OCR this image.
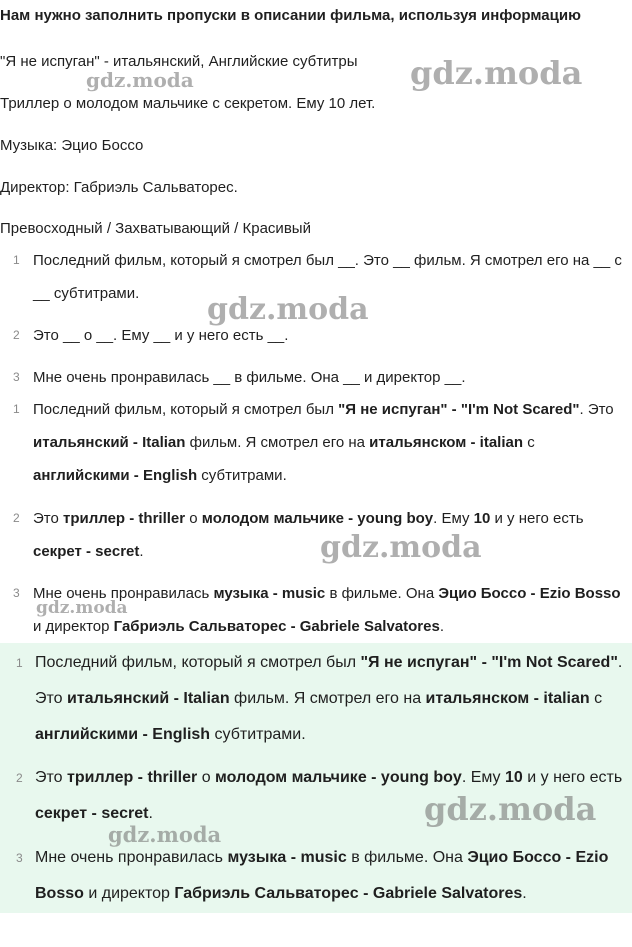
Нам нужно заполнить пропуски в описании фильма, используя информацию
"Я не испуган" - итальянский, Английские субтитры
Триллер о молодом мальчике с секретом. Ему 10 лет.
Музыка: Эцио Боссо
Директор: Габриэль Сальватореc.
Превосходный / Захватывающий / Красивый
1 Последний фильм, который я смотрел был __. Это __ фильм. Я смотрел его на __ с __ субтитрами.
2 Это __ о __. Ему __ и у него есть __.
3 Мне очень пронравилась __ в фильме. Она __ и директор __.
1 Последний фильм, который я смотрел был "Я не испуган" - "I'm Not Scared". Это итальянский - Italian фильм. Я смотрел его на итальянском - italian с английскими - English субтитрами.
2 Это триллер - thriller о молодом мальчике - young boy. Ему 10 и у него есть секрет - secret.
3 Мне очень пронравилась музыка - music в фильме. Она Эцио Боссо - Ezio Bosso и директор Габриэль Сальватореc - Gabriele Salvatores.
1 Последний фильм, который я смотрел был "Я не испуган" - "I'm Not Scared". Это итальянский - Italian фильм. Я смотрел его на итальянском - italian с английскими - English субтитрами.
2 Это триллер - thriller о молодом мальчике - young boy. Ему 10 и у него есть секрет - secret.
3 Мне очень пронравилась музыка - music в фильме. Она Эцио Боссо - Ezio Bosso и директор Габриэль Сальватореc - Gabriele Salvatores.
gdz.moda
gdz.moda
gdz.moda
gdz.moda
gdz.moda
gdz.moda
gdz.moda
